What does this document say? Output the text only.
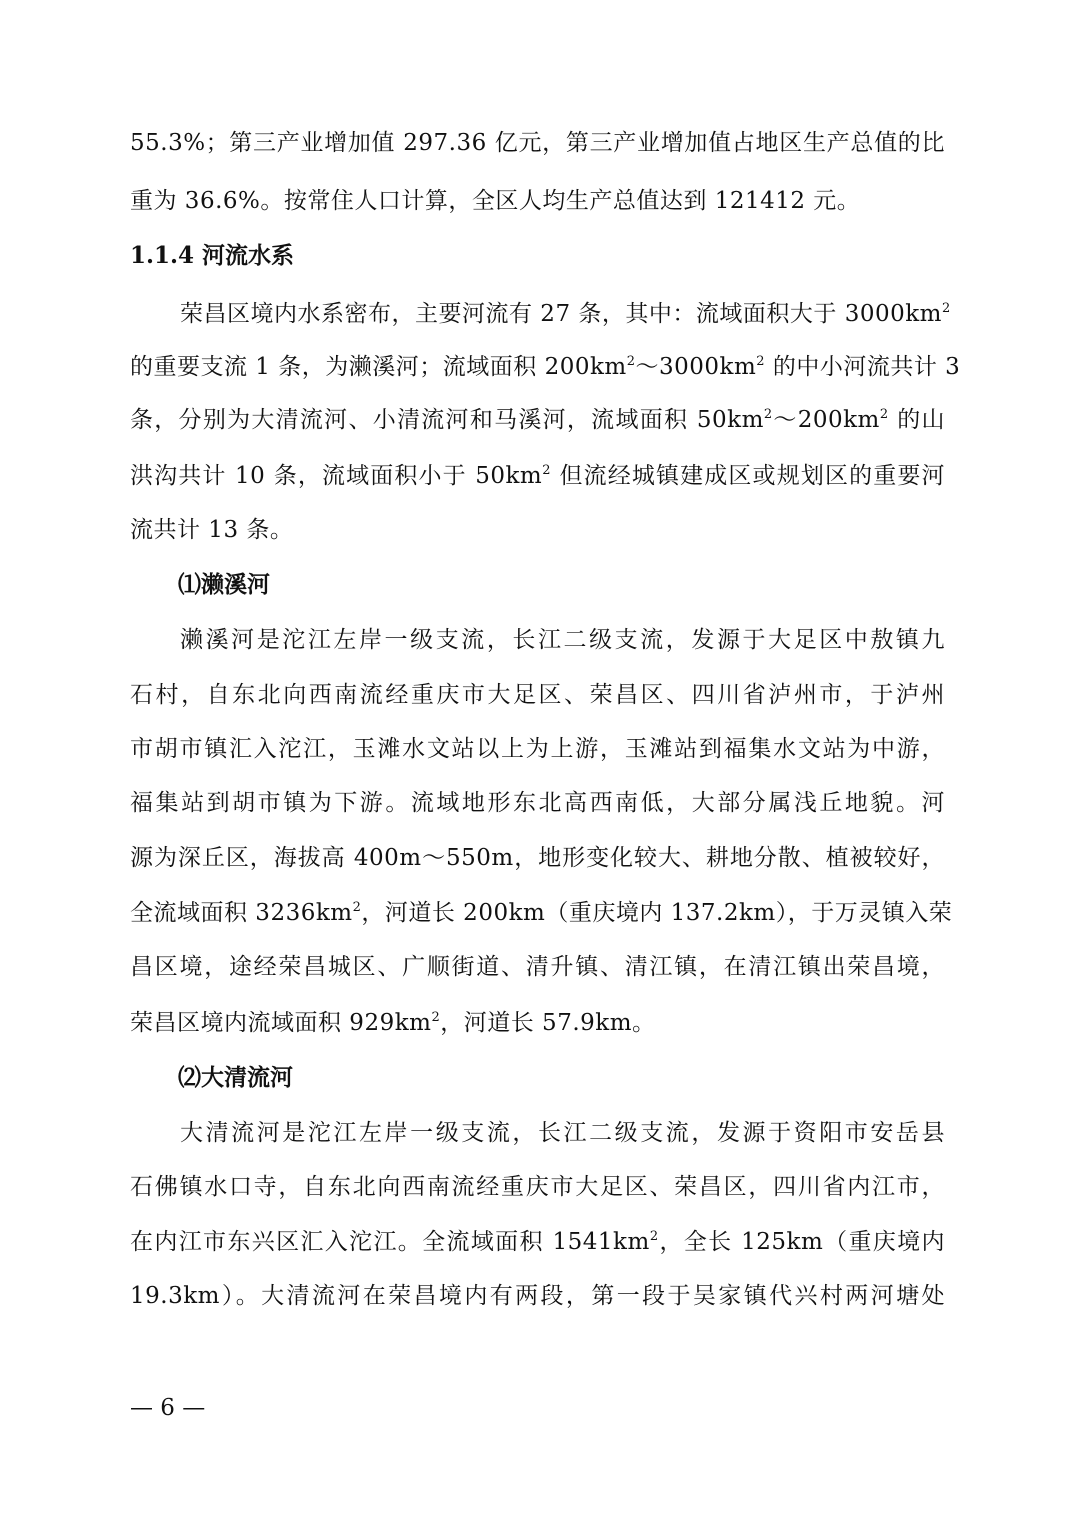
55.3%；第三产业增加值 297.36 亿元，第三产业增加值占地区生产总值的比
重为 36.6%。按常住人口计算，全区人均生产总值达到 121412 元。
1.1.4 河流水系
荣昌区境内水系密布，主要河流有 27 条，其中：流域面积大于 $3000km^2$
的重要支流 1 条，为濑溪河；流域面积 $200km^2\sim 3000km^2$ 的中小河流共计 3
条，分别为大清流河、小清流河和马溪河，流域面积 $50km^2\sim 200km^2$ 的山
洪沟共计 10 条，流域面积小于 $50km^2$ 但流经城镇建成区或规划区的重要河
流共计 13 条。
⑴濑溪河
濑溪河是沱江左岸一级支流，长江二级支流，发源于大足区中敖镇九
石村，自东北向西南流经重庆市大足区、荣昌区、四川省泸州市，于泸州
市胡市镇汇入沱江，玉滩水文站以上为上游，玉滩站到福集水文站为中游，
福集站到胡市镇为下游。流域地形东北高西南低，大部分属浅丘地貌。河
源为深丘区，海拔高 400m～550m，地形变化较大、耕地分散、植被较好，
全流域面积 $3236km^2$，河道长 200km（重庆境内 137.2km），于万灵镇入荣
昌区境，途经荣昌城区、广顺街道、清升镇、清江镇，在清江镇出荣昌境，
荣昌区境内流域面积 $929km^2$，河道长 57.9km。
⑵大清流河
大清流河是沱江左岸一级支流，长江二级支流，发源于资阳市安岳县
石佛镇水口寺，自东北向西南流经重庆市大足区、荣昌区，四川省内江市，
在内江市东兴区汇入沱江。全流域面积 $1541km^2$，全长 125km（重庆境内
19.3km）。大清流河在荣昌境内有两段，第一段于吴家镇代兴村两河塘处
— 6 —
